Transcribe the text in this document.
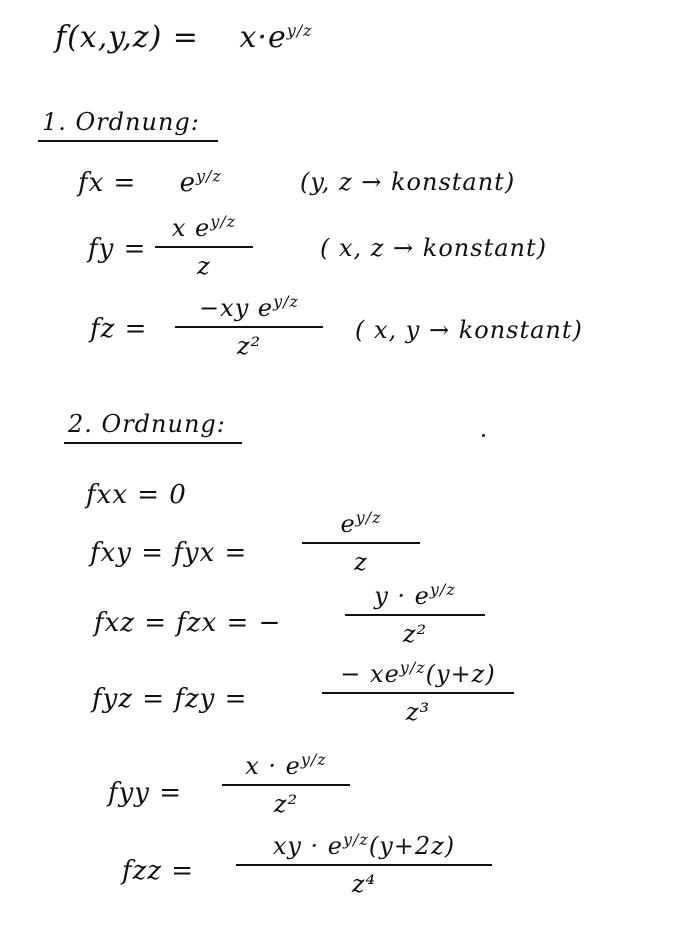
$f(x,y,z) = x\cdot e^{y/z}$
1. Ordnung:
fx = $e^{y/z}$	(y, z → konstant)
fy =
x $e^{y/z}$
z
( x, z → konstant)
fz =
−xy $e^{y/z}$
z²
( x, y → konstant)
2. Ordnung:
fxx = 0
fxy = fyx =
$e^{y/z}$
z
fxz = fzx = −
$y \cdot e^{y/z}$
z²
fyz = fzy =
− $xe^{y/z}(y+z)$
z³
fyy =
$x \cdot e^{y/z}$
z²
fzz =
xy · $e^{y/z}(y+2z)$
z⁴
